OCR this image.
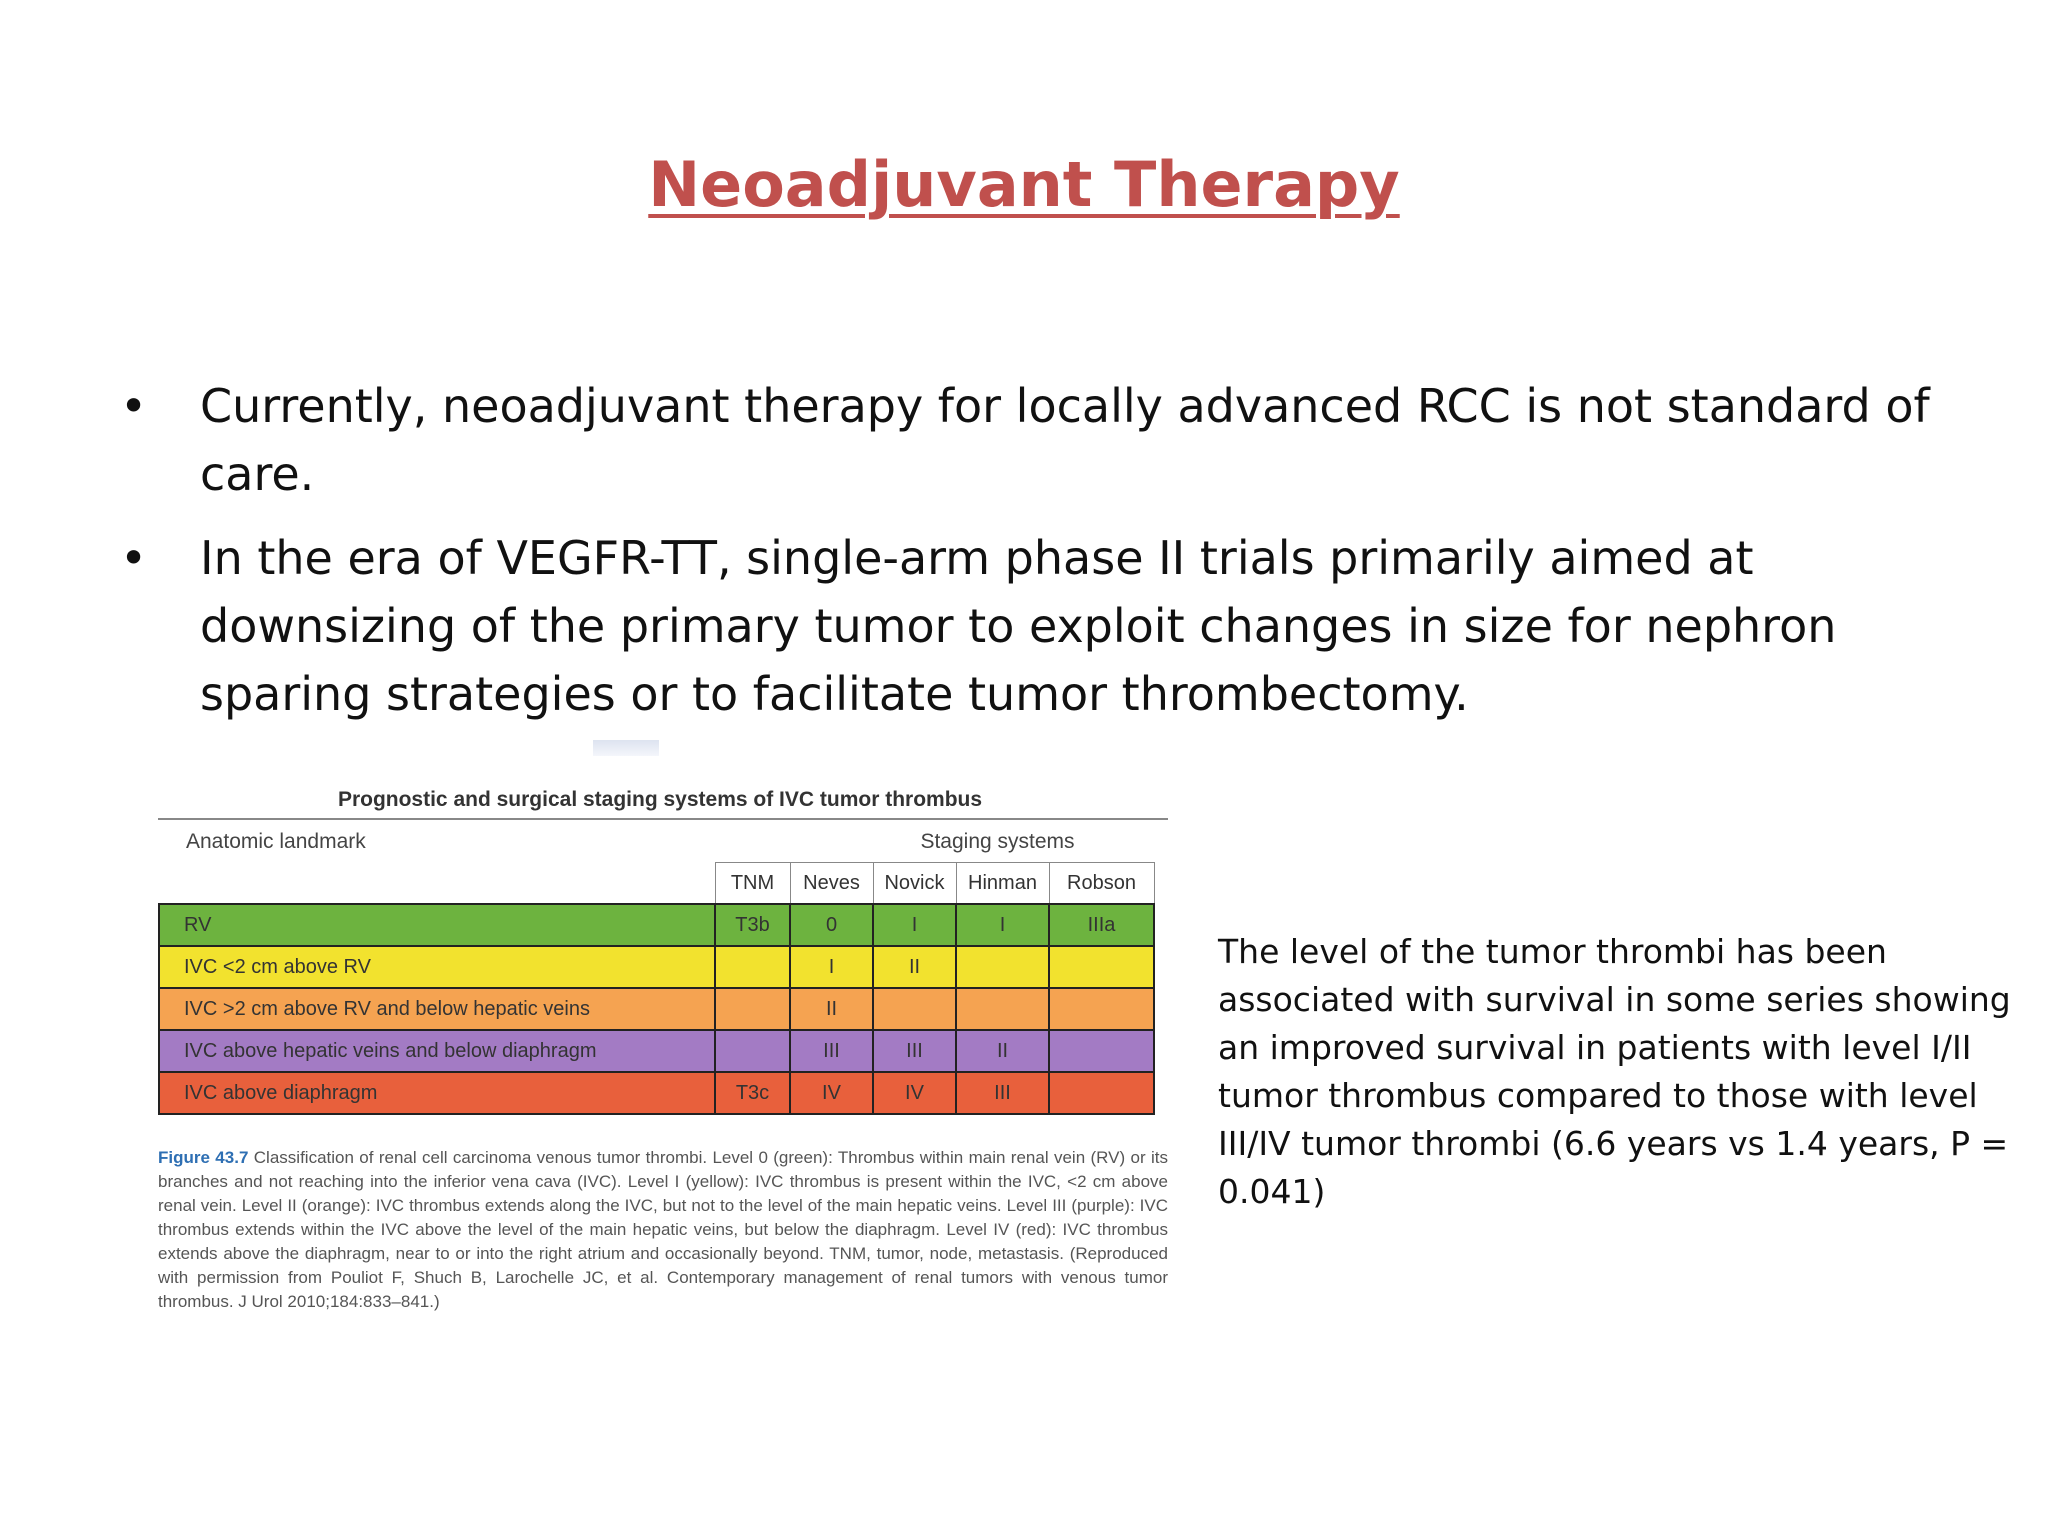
Neoadjuvant Therapy
• Currently, neoadjuvant therapy for locally advanced RCC is not standard of care.
• In the era of VEGFR-TT, single-arm phase II trials primarily aimed at downsizing of the primary tumor to exploit changes in size for nephron sparing strategies or to facilitate tumor thrombectomy.
Prognostic and surgical staging systems of IVC tumor thrombus
Anatomic landmark	Staging systems
	TNM	Neves	Novick	Hinman	Robson
RV	T3b	0	I	I	IIIa
IVC <2 cm above RV		I	II		
IVC >2 cm above RV and below hepatic veins		II			
IVC above hepatic veins and below diaphragm		III	III	II	
IVC above diaphragm	T3c	IV	IV	III	
Figure 43.7 Classification of renal cell carcinoma venous tumor thrombi. Level 0 (green): Thrombus within main renal vein (RV) or its branches and not reaching into the inferior vena cava (IVC). Level I (yellow): IVC thrombus is present within the IVC, <2 cm above renal vein. Level II (orange): IVC thrombus extends along the IVC, but not to the level of the main hepatic veins. Level III (purple): IVC thrombus extends within the IVC above the level of the main hepatic veins, but below the diaphragm. Level IV (red): IVC thrombus extends above the diaphragm, near to or into the right atrium and occasionally beyond. TNM, tumor, node, metastasis. (Reproduced with permission from Pouliot F, Shuch B, Larochelle JC, et al. Contemporary management of renal tumors with venous tumor thrombus. J Urol 2010;184:833–841.)
The level of the tumor thrombi has been associated with survival in some series showing an improved survival in patients with level I/II tumor thrombus compared to those with level III/IV tumor thrombi (6.6 years vs 1.4 years, P = 0.041)
